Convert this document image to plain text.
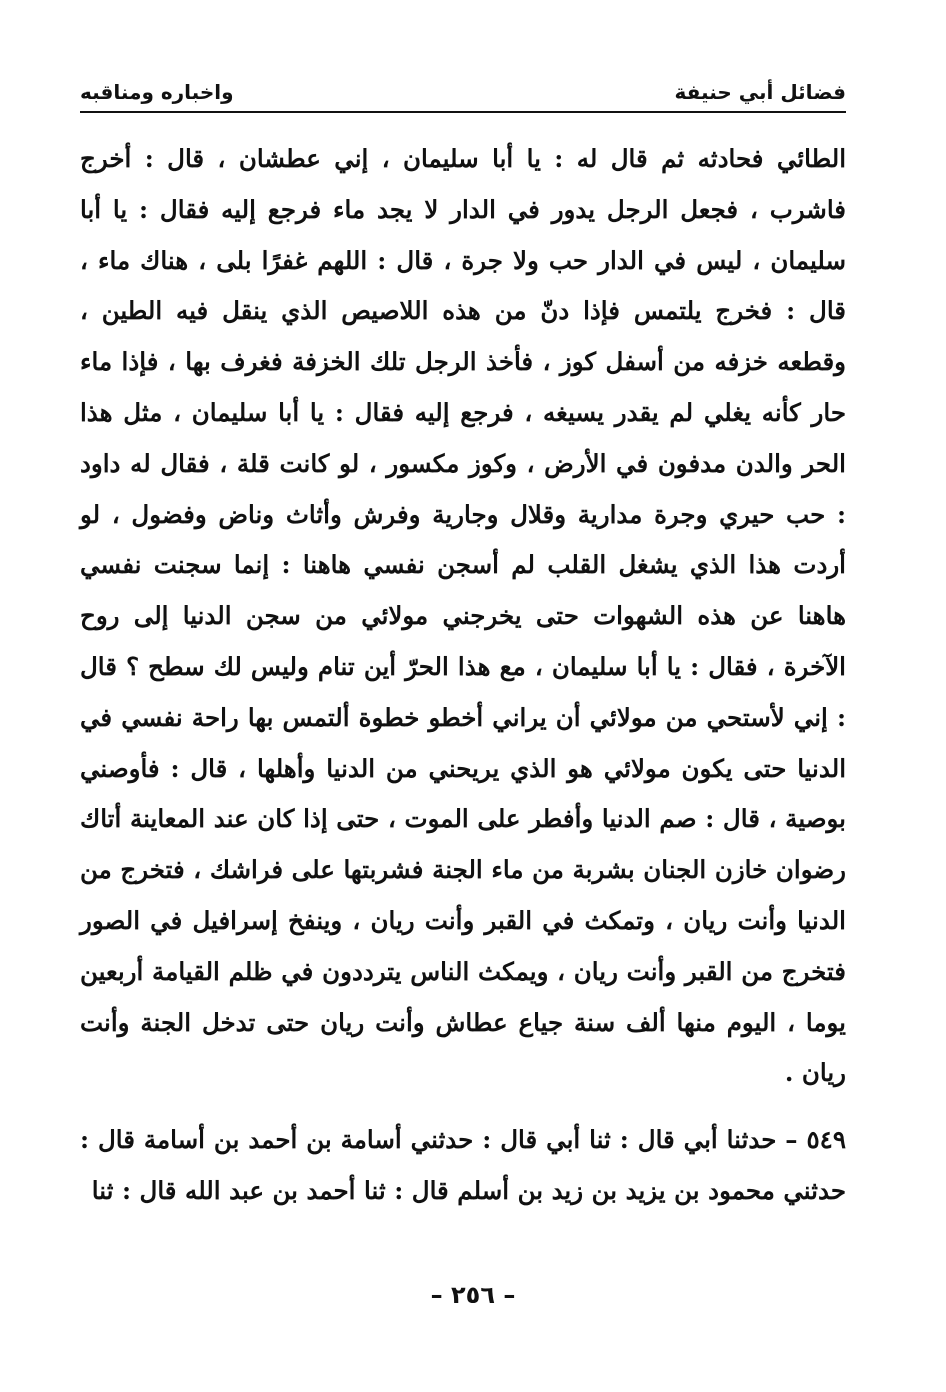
فضائل أبي حنيفة
واخباره ومناقبه

الطائي فحادثه ثم قال له : يا أبا سليمان ، إني عطشان ، قال : أخرج فاشرب ، فجعل الرجل يدور في الدار لا يجد ماء فرجع إليه فقال : يا أبا سليمان ، ليس في الدار حب ولا جرة ، قال : اللهم غفرًا بلى ، هناك ماء ، قال : فخرج يلتمس فإذا دنّ من هذه اللاصيص الذي ينقل فيه الطين ، وقطعه خزفه من أسفل كوز ، فأخذ الرجل تلك الخزفة فغرف بها ، فإذا ماء حار كأنه يغلي لم يقدر يسيغه ، فرجع إليه فقال : يا أبا سليمان ، مثل هذا الحر والدن مدفون في الأرض ، وكوز مكسور ، لو كانت قلة ، فقال له داود : حب حيري وجرة مدارية وقلال وجارية وفرش وأثاث وناض وفضول ، لو أردت هذا الذي يشغل القلب لم أسجن نفسي هاهنا : إنما سجنت نفسي هاهنا عن هذه الشهوات حتى يخرجني مولائي من سجن الدنيا إلى روح الآخرة ، فقال : يا أبا سليمان ، مع هذا الحرّ أين تنام وليس لك سطح ؟ قال : إني لأستحي من مولائي أن يراني أخطو خطوة ألتمس بها راحة نفسي في الدنيا حتى يكون مولائي هو الذي يريحني من الدنيا وأهلها ، قال : فأوصني بوصية ، قال : صم الدنيا وأفطر على الموت ، حتى إذا كان عند المعاينة أتاك رضوان خازن الجنان بشربة من ماء الجنة فشربتها على فراشك ، فتخرج من الدنيا وأنت ريان ، وتمكث في القبر وأنت ريان ، وينفخ إسرافيل في الصور فتخرج من القبر وأنت ريان ، ويمكث الناس يترددون في ظلم القيامة أربعين يوما ، اليوم منها ألف سنة جياع عطاش وأنت ريان حتى تدخل الجنة وأنت ريان .

٥٤٩ – حدثنا أبي قال : ثنا أبي قال : حدثني أسامة بن أحمد بن أسامة قال : حدثني محمود بن يزيد بن زيد بن أسلم قال : ثنا أحمد بن عبد الله قال : ثنا

– ٢٥٦ –
